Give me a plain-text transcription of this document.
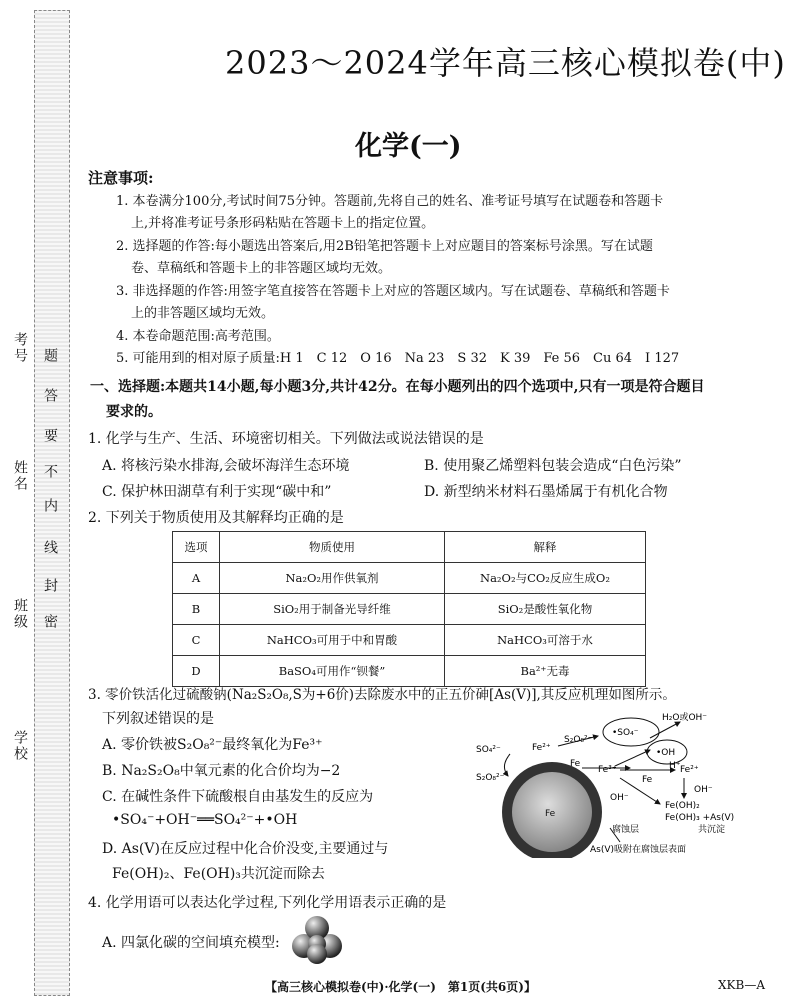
考号
姓名
班级
学校
题
答
要
不
内
线
封
密
2023～2024学年高三核心模拟卷(中)
化学(一)
注意事项:
1. 本卷满分100分,考试时间75分钟。答题前,先将自己的姓名、准考证号填写在试题卷和答题卡
上,并将准考证号条形码粘贴在答题卡上的指定位置。
2. 选择题的作答:每小题选出答案后,用2B铅笔把答题卡上对应题目的答案标号涂黑。写在试题
卷、草稿纸和答题卡上的非答题区域均无效。
3. 非选择题的作答:用签字笔直接答在答题卡上对应的答题区域内。写在试题卷、草稿纸和答题卡
上的非答题区域均无效。
4. 本卷命题范围:高考范围。
5. 可能用到的相对原子质量:H 1　C 12　O 16　Na 23　S 32　K 39　Fe 56　Cu 64　I 127
一、选择题:本题共14小题,每小题3分,共计42分。在每小题列出的四个选项中,只有一项是符合题目
要求的。
1. 化学与生产、生活、环境密切相关。下列做法或说法错误的是
A. 将核污染水排海,会破坏海洋生态环境	B. 使用聚乙烯塑料包装会造成“白色污染”
C. 保护林田湖草有利于实现“碳中和”	D. 新型纳米材料石墨烯属于有机化合物
2. 下列关于物质使用及其解释均正确的是
选项	物质使用	解释
A	Na₂O₂用作供氧剂	Na₂O₂与CO₂反应生成O₂
B	SiO₂用于制备光导纤维	SiO₂是酸性氧化物
C	NaHCO₃可用于中和胃酸	NaHCO₃可溶于水
D	BaSO₄可用作“钡餐”	Ba²⁺无毒
3. 零价铁活化过硫酸钠(Na₂S₂O₈,S为+6价)去除废水中的正五价砷[As(Ⅴ)],其反应机理如图所示。
下列叙述错误的是
A. 零价铁被S₂O₈²⁻最终氧化为Fe³⁺
B. Na₂S₂O₈中氧元素的化合价均为−2
C. 在碱性条件下硫酸根自由基发生的反应为
•SO₄⁻+OH⁻══SO₄²⁻+•OH
D. As(Ⅴ)在反应过程中化合价没变,主要通过与
Fe(OH)₂、Fe(OH)₃共沉淀而除去
Fe
•SO₄⁻
H₂O或OH⁻
•OH
H⁺
SO₄²⁻
S₂O₈²⁻
S₂O₈²⁻
Fe²⁺
Fe³⁺
Fe
Fe
Fe²⁺
OH⁻
OH⁻
Fe(OH)₂
Fe(OH)₃ +As(V)
共沉淀
腐蚀层
As(V)吸附在腐蚀层表面
4. 化学用语可以表达化学过程,下列化学用语表示正确的是
A. 四氯化碳的空间填充模型:
【高三核心模拟卷(中)·化学(一)　第1页(共6页)】	XKB—A
